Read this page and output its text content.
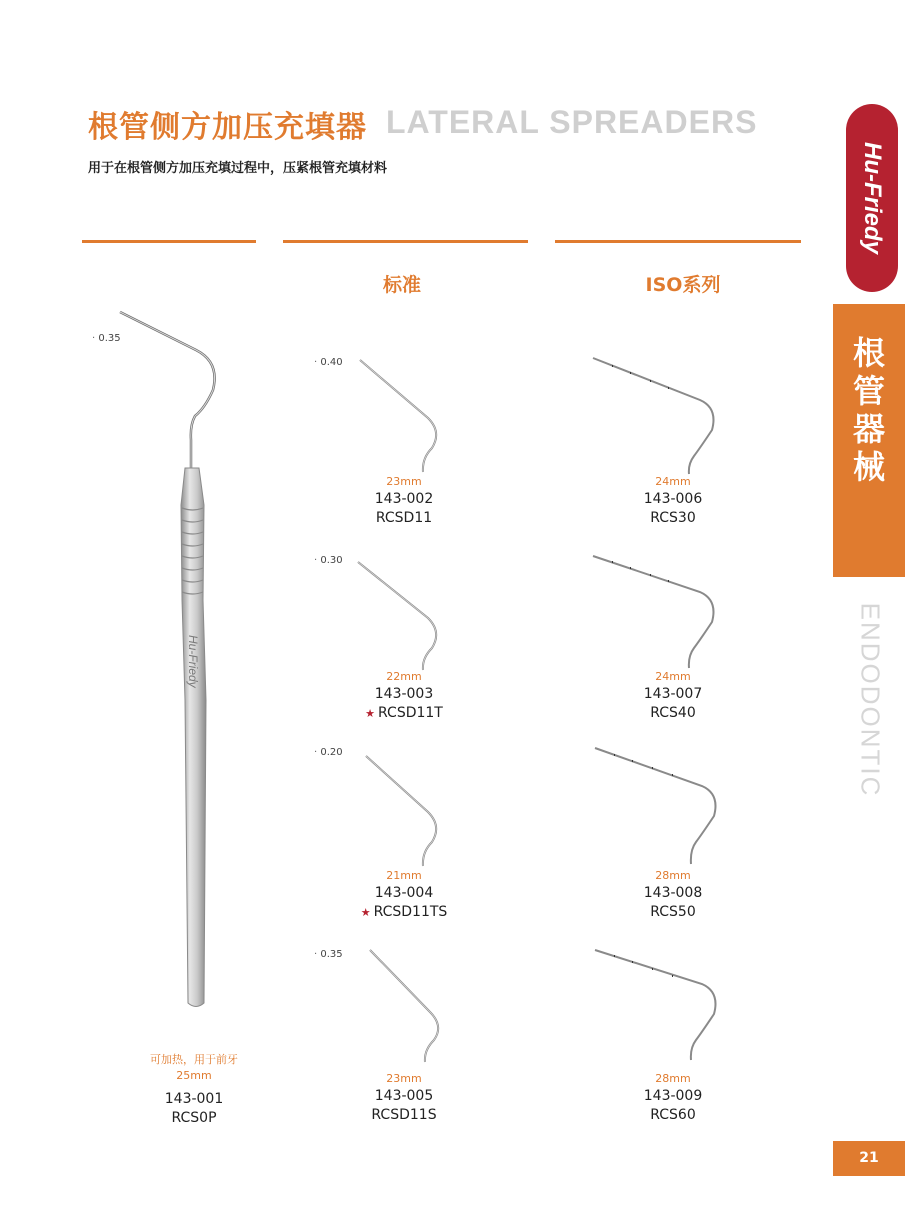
根管侧方加压充填器 LATERAL SPREADERS
用于在根管侧方加压充填过程中，压紧根管充填材料
标准	ISO系列
Hu-Friedy
根管器械
ENDODONTIC
21
Hu-Friedy
· 0.35
· 0.40
· 0.30
· 0.20
· 0.35
可加热，用于前牙
25mm
143-001
RCS0P
23mm
143-002
RCSD11
22mm
143-003
★ RCSD11T
21mm
143-004
★ RCSD11TS
23mm
143-005
RCSD11S
24mm
143-006
RCS30
24mm
143-007
RCS40
28mm
143-008
RCS50
28mm
143-009
RCS60
